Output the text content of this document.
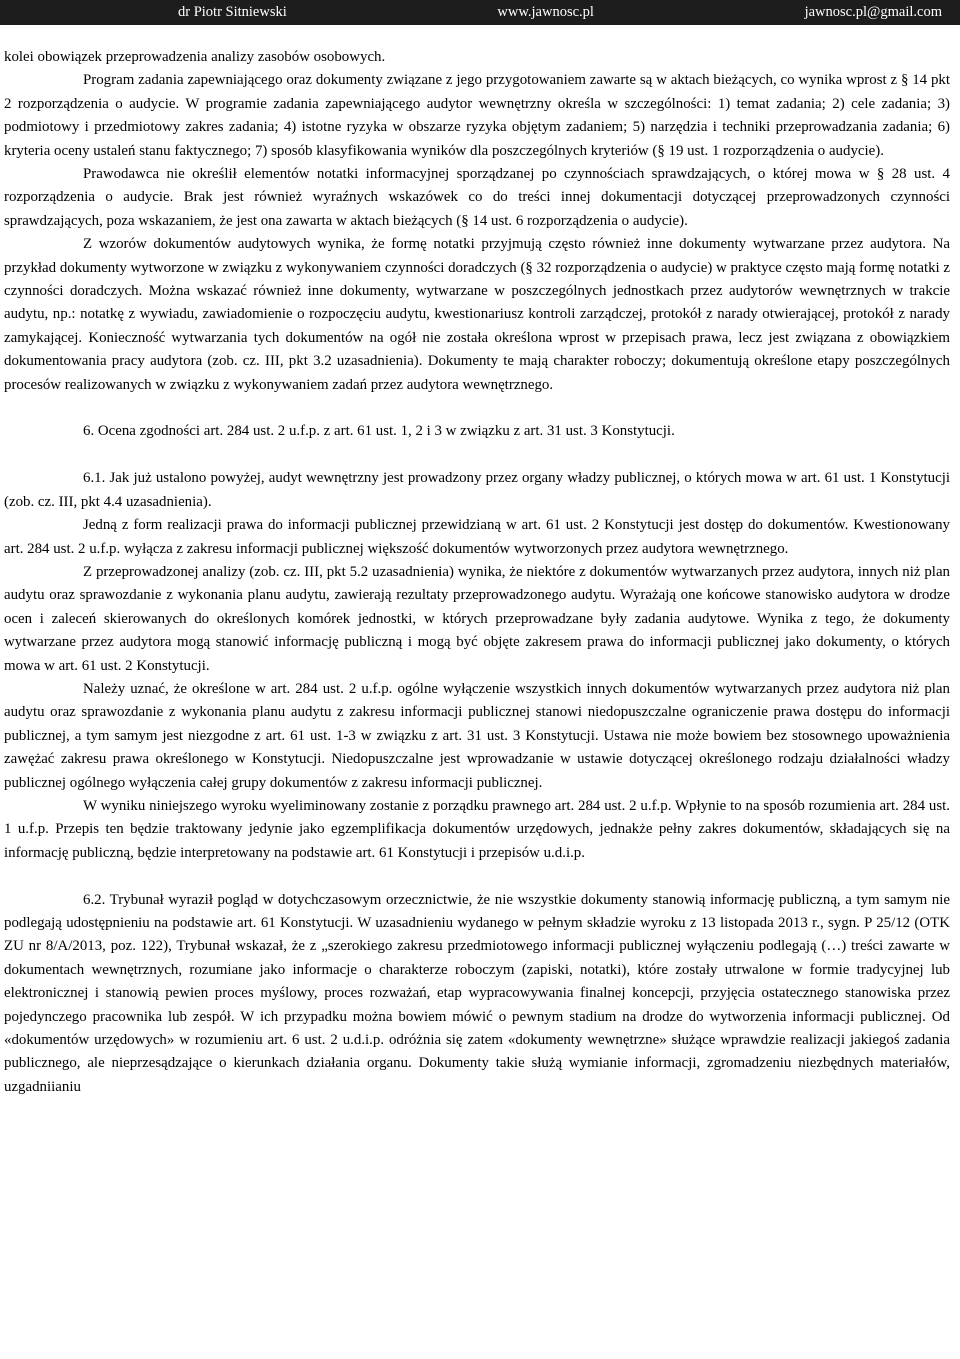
dr Piotr Sitniewski	www.jawnosc.pl	jawnosc.pl@gmail.com

kolei obowiązek przeprowadzenia analizy zasobów osobowych.

Program zadania zapewniającego oraz dokumenty związane z jego przygotowaniem zawarte są w aktach bieżących, co wynika wprost z § 14 pkt 2 rozporządzenia o audycie. W programie zadania zapewniającego audytor wewnętrzny określa w szczególności: 1) temat zadania; 2) cele zadania; 3) podmiotowy i przedmiotowy zakres zadania; 4) istotne ryzyka w obszarze ryzyka objętym zadaniem; 5) narzędzia i techniki przeprowadzania zadania; 6) kryteria oceny ustaleń stanu faktycznego; 7) sposób klasyfikowania wyników dla poszczególnych kryteriów (§ 19 ust. 1 rozporządzenia o audycie).

Prawodawca nie określił elementów notatki informacyjnej sporządzanej po czynnościach sprawdzających, o której mowa w § 28 ust. 4 rozporządzenia o audycie. Brak jest również wyraźnych wskazówek co do treści innej dokumentacji dotyczącej przeprowadzonych czynności sprawdzających, poza wskazaniem, że jest ona zawarta w aktach bieżących (§ 14 ust. 6 rozporządzenia o audycie).

Z wzorów dokumentów audytowych wynika, że formę notatki przyjmują często również inne dokumenty wytwarzane przez audytora. Na przykład dokumenty wytworzone w związku z wykonywaniem czynności doradczych (§ 32 rozporządzenia o audycie) w praktyce często mają formę notatki z czynności doradczych. Można wskazać również inne dokumenty, wytwarzane w poszczególnych jednostkach przez audytorów wewnętrznych w trakcie audytu, np.: notatkę z wywiadu, zawiadomienie o rozpoczęciu audytu, kwestionariusz kontroli zarządczej, protokół z narady otwierającej, protokół z narady zamykającej. Konieczność wytwarzania tych dokumentów na ogół nie została określona wprost w przepisach prawa, lecz jest związana z obowiązkiem dokumentowania pracy audytora (zob. cz. III, pkt 3.2 uzasadnienia). Dokumenty te mają charakter roboczy; dokumentują określone etapy poszczególnych procesów realizowanych w związku z wykonywaniem zadań przez audytora wewnętrznego.

6. Ocena zgodności art. 284 ust. 2 u.f.p. z art. 61 ust. 1, 2 i 3 w związku z art. 31 ust. 3 Konstytucji.

6.1. Jak już ustalono powyżej, audyt wewnętrzny jest prowadzony przez organy władzy publicznej, o których mowa w art. 61 ust. 1 Konstytucji (zob. cz. III, pkt 4.4 uzasadnienia).

Jedną z form realizacji prawa do informacji publicznej przewidzianą w art. 61 ust. 2 Konstytucji jest dostęp do dokumentów. Kwestionowany art. 284 ust. 2 u.f.p. wyłącza z zakresu informacji publicznej większość dokumentów wytworzonych przez audytora wewnętrznego.

Z przeprowadzonej analizy (zob. cz. III, pkt 5.2 uzasadnienia) wynika, że niektóre z dokumentów wytwarzanych przez audytora, innych niż plan audytu oraz sprawozdanie z wykonania planu audytu, zawierają rezultaty przeprowadzonego audytu. Wyrażają one końcowe stanowisko audytora w drodze ocen i zaleceń skierowanych do określonych komórek jednostki, w których przeprowadzane były zadania audytowe. Wynika z tego, że dokumenty wytwarzane przez audytora mogą stanowić informację publiczną i mogą być objęte zakresem prawa do informacji publicznej jako dokumenty, o których mowa w art. 61 ust. 2 Konstytucji.

Należy uznać, że określone w art. 284 ust. 2 u.f.p. ogólne wyłączenie wszystkich innych dokumentów wytwarzanych przez audytora niż plan audytu oraz sprawozdanie z wykonania planu audytu z zakresu informacji publicznej stanowi niedopuszczalne ograniczenie prawa dostępu do informacji publicznej, a tym samym jest niezgodne z art. 61 ust. 1-3 w związku z art. 31 ust. 3 Konstytucji. Ustawa nie może bowiem bez stosownego upoważnienia zawężać zakresu prawa określonego w Konstytucji. Niedopuszczalne jest wprowadzanie w ustawie dotyczącej określonego rodzaju działalności władzy publicznej ogólnego wyłączenia całej grupy dokumentów z zakresu informacji publicznej.

W wyniku niniejszego wyroku wyeliminowany zostanie z porządku prawnego art. 284 ust. 2 u.f.p. Wpłynie to na sposób rozumienia art. 284 ust. 1 u.f.p. Przepis ten będzie traktowany jedynie jako egzemplifikacja dokumentów urzędowych, jednakże pełny zakres dokumentów, składających się na informację publiczną, będzie interpretowany na podstawie art. 61 Konstytucji i przepisów u.d.i.p.

6.2. Trybunał wyraził pogląd w dotychczasowym orzecznictwie, że nie wszystkie dokumenty stanowią informację publiczną, a tym samym nie podlegają udostępnieniu na podstawie art. 61 Konstytucji. W uzasadnieniu wydanego w pełnym składzie wyroku z 13 listopada 2013 r., sygn. P 25/12 (OTK ZU nr 8/A/2013, poz. 122), Trybunał wskazał, że z „szerokiego zakresu przedmiotowego informacji publicznej wyłączeniu podlegają (…) treści zawarte w dokumentach wewnętrznych, rozumiane jako informacje o charakterze roboczym (zapiski, notatki), które zostały utrwalone w formie tradycyjnej lub elektronicznej i stanowią pewien proces myślowy, proces rozważań, etap wypracowywania finalnej koncepcji, przyjęcia ostatecznego stanowiska przez pojedynczego pracownika lub zespół. W ich przypadku można bowiem mówić o pewnym stadium na drodze do wytworzenia informacji publicznej. Od «dokumentów urzędowych» w rozumieniu art. 6 ust. 2 u.d.i.p. odróżnia się zatem «dokumenty wewnętrzne» służące wprawdzie realizacji jakiegoś zadania publicznego, ale nieprzesądzające o kierunkach działania organu. Dokumenty takie służą wymianie informacji, zgromadzeniu niezbędnych materiałów, uzgadniianiu
